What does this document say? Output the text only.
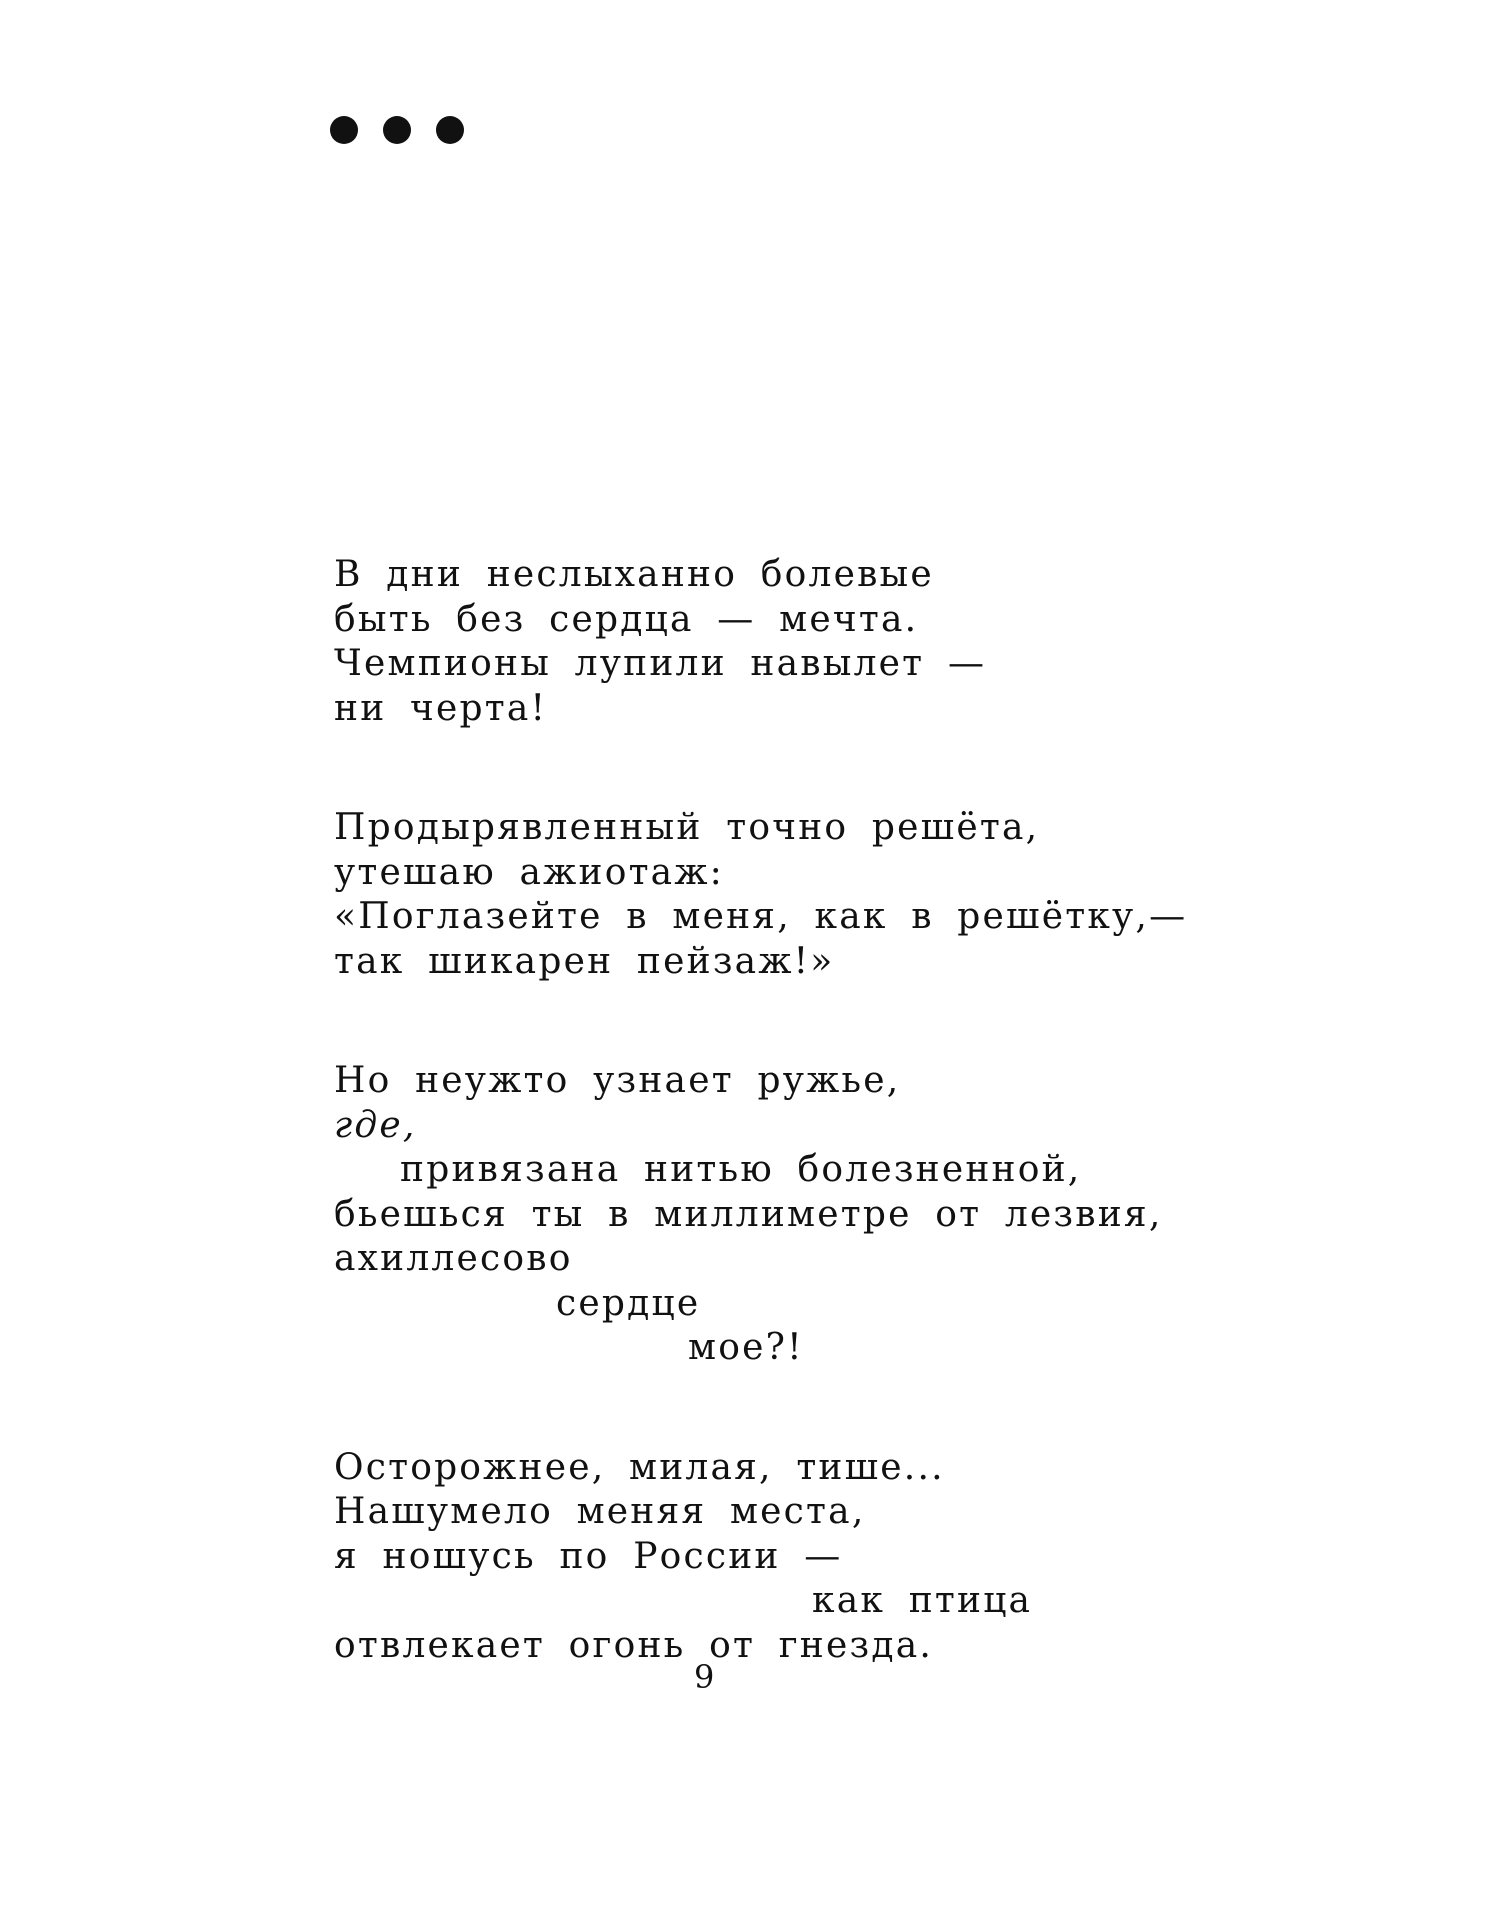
В дни неслыханно болевые
быть без сердца — мечта.
Чемпионы лупили навылет —
ни черта!
Продырявленный точно решёта,
утешаю ажиотаж:
«Поглазейте в меня, как в решётку,—
так шикарен пейзаж!»
Но неужто узнает ружье,
где,
привязана нитью болезненной,
бьешься ты в миллиметре от лезвия,
ахиллесово
сердце
мое?!
Осторожнее, милая, тише...
Нашумело меняя места,
я ношусь по России —
как птица
отвлекает огонь от гнезда.
9
